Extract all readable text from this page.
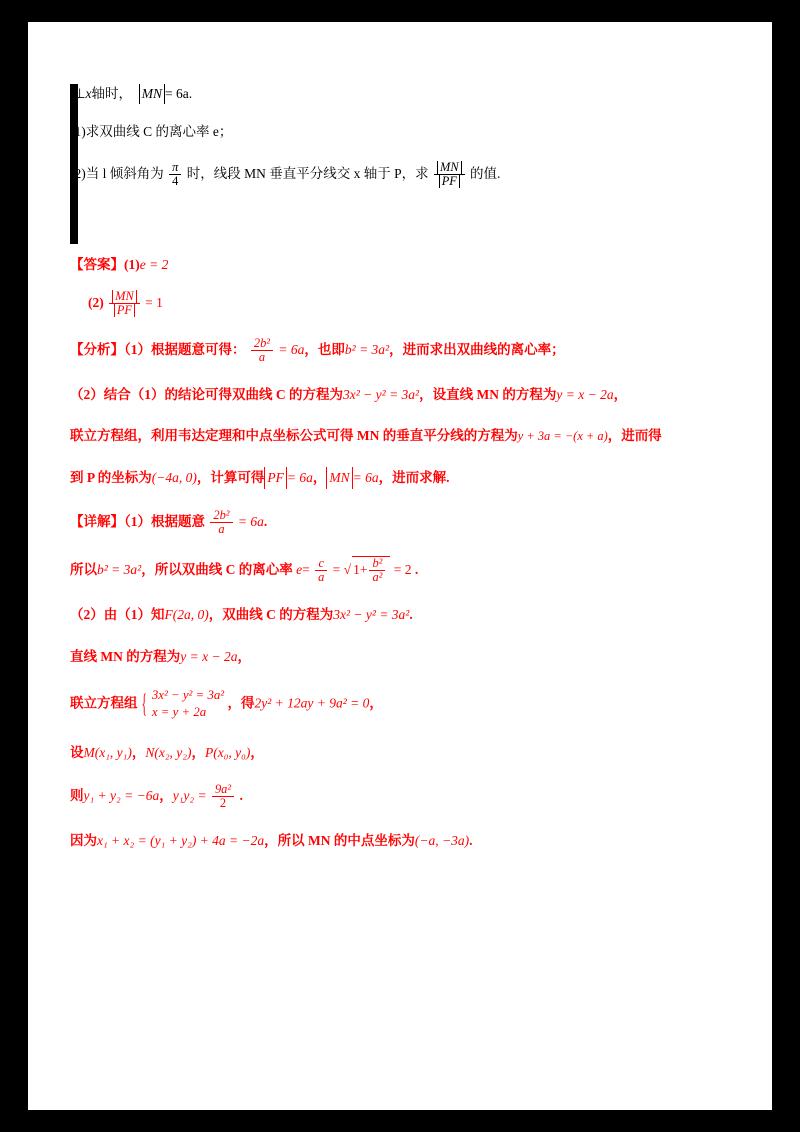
l⊥x轴时， MN = 6a.
(1)求双曲线 C 的离心率 e；
(2)当 l 倾斜角为 $\frac{\pi}{4}$ 时，线段 MN 垂直平分线交 x 轴于 P，求 $\frac{MN}{PF}$ 的值.
【答案】(1)e = 2
$(2) \frac{MN}{PF} = 1$
【分析】（1）根据题意可得： $\frac{\text{2b²}}{a} = 6a$，也即b² = 3a²，进而求出双曲线的离心率；
（2）结合（1）的结论可得双曲线 C 的方程为3x² − y² = 3a²，设直线 MN 的方程为y = x − 2a，
联立方程组，利用韦达定理和中点坐标公式可得 MN 的垂直平分线的方程为y + 3a = −(x + a)，进而得
到 P 的坐标为(−4a, 0)，计算可得 PF = 6a， MN = 6a，进而求解.
【详解】（1）根据题意 $\frac{\text{2b²}}{a} = 6a$.
所以b² = 3a²，所以双曲线 C 的离心率 $e= \frac{c}{a}$ = √ $1+ \frac{\text{b²}}{\text{a²}} = 2$ .
（2）由（1）知F(2a, 0)，双曲线 C 的方程为3x² − y² = 3a².
直线 MN 的方程为y = x − 2a，
联立方程组
{ 3x² − y² = 3a²
x = y + 2a
，得2y² + 12ay + 9a² = 0，
设M(x₁, y₁)，N(x₂, y₂)，P(x₀, y₀)，
则y₁ + y₂ = −6a，$y_1y_2 = \frac{\text{9a²}}{2}$ .
因为x₁ + x₂ = (y₁ + y₂) + 4a = −2a，所以 MN 的中点坐标为(−a, −3a).
